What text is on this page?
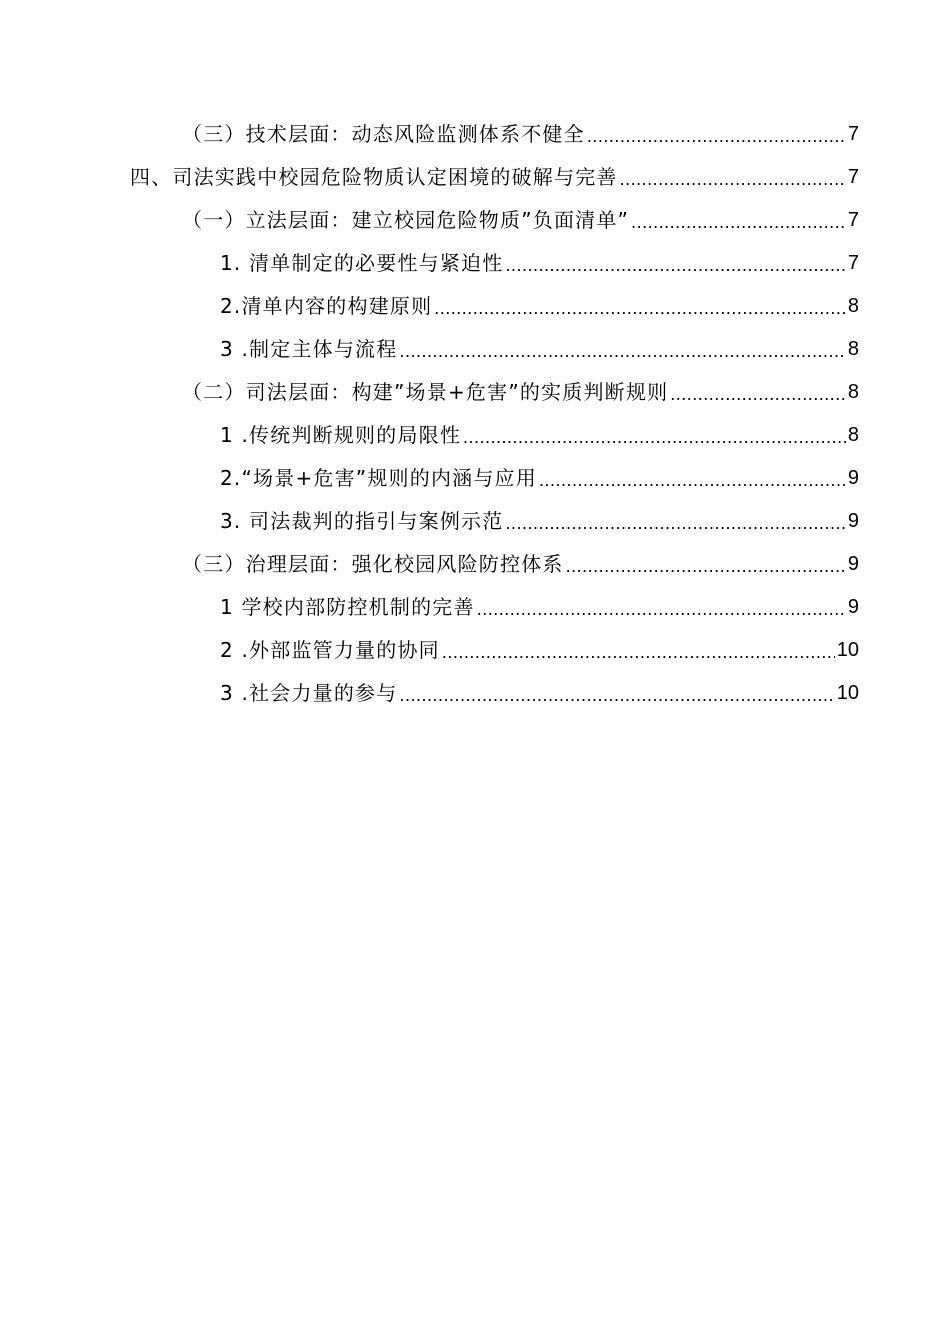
（三）技术层面：动态风险监测体系不健全 .....	7
四、司法实践中校园危险物质认定困境的破解与完善 .....	7
（一）立法层面：建立校园危险物质”负面清单” .....	7
1. 清单制定的必要性与紧迫性 .....	7
2.清单内容的构建原则 .....	8
3 .制定主体与流程 .....	8
（二）司法层面：构建”场景+危害”的实质判断规则 .....	8
1 .传统判断规则的局限性 .....	8
2.“场景+危害”规则的内涵与应用 .....	9
3. 司法裁判的指引与案例示范 .....	9
（三）治理层面：强化校园风险防控体系 .....	9
1 学校内部防控机制的完善 .....	9
2 .外部监管力量的协同 .....	10
3 .社会力量的参与 .....	10
